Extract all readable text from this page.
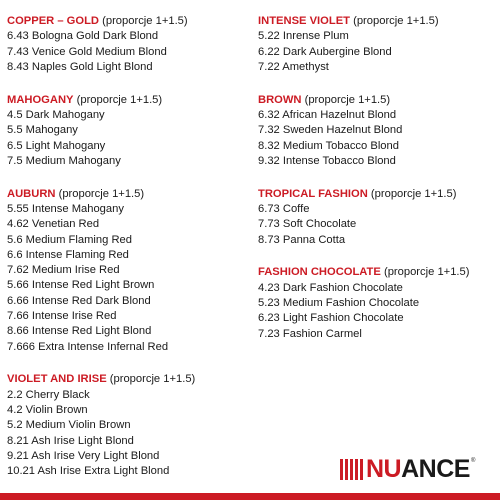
COPPER – GOLD (proporcje 1+1.5)
6.43 Bologna Gold Dark Blond
7.43 Venice Gold Medium Blond
8.43 Naples Gold Light Blond
MAHOGANY (proporcje 1+1.5)
4.5 Dark Mahogany
5.5 Mahogany
6.5 Light Mahogany
7.5 Medium Mahogany
AUBURN (proporcje 1+1.5)
5.55 Intense Mahogany
4.62 Venetian Red
5.6 Medium Flaming Red
6.6 Intense Flaming Red
7.62 Medium Irise Red
5.66 Intense Red Light Brown
6.66 Intense Red Dark Blond
7.66 Intense Irise Red
8.66 Intense Red Light Blond
7.666 Extra Intense Infernal Red
VIOLET AND IRISE (proporcje 1+1.5)
2.2 Cherry Black
4.2 Violin Brown
5.2 Medium Violin Brown
8.21 Ash Irise Light Blond
9.21 Ash Irise Very Light Blond
10.21 Ash Irise Extra Light Blond
INTENSE VIOLET (proporcje 1+1.5)
5.22 Inrense Plum
6.22 Dark Aubergine Blond
7.22 Amethyst
BROWN (proporcje 1+1.5)
6.32 African Hazelnut Blond
7.32 Sweden Hazelnut Blond
8.32 Medium Tobacco Blond
9.32 Intense Tobacco Blond
TROPICAL FASHION (proporcje 1+1.5)
6.73 Coffe
7.73 Soft Chocolate
8.73 Panna Cotta
FASHION CHOCOLATE (proporcje 1+1.5)
4.23 Dark Fashion Chocolate
5.23 Medium Fashion Chocolate
6.23 Light Fashion Chocolate
7.23 Fashion Carmel
NU ANCE ®
